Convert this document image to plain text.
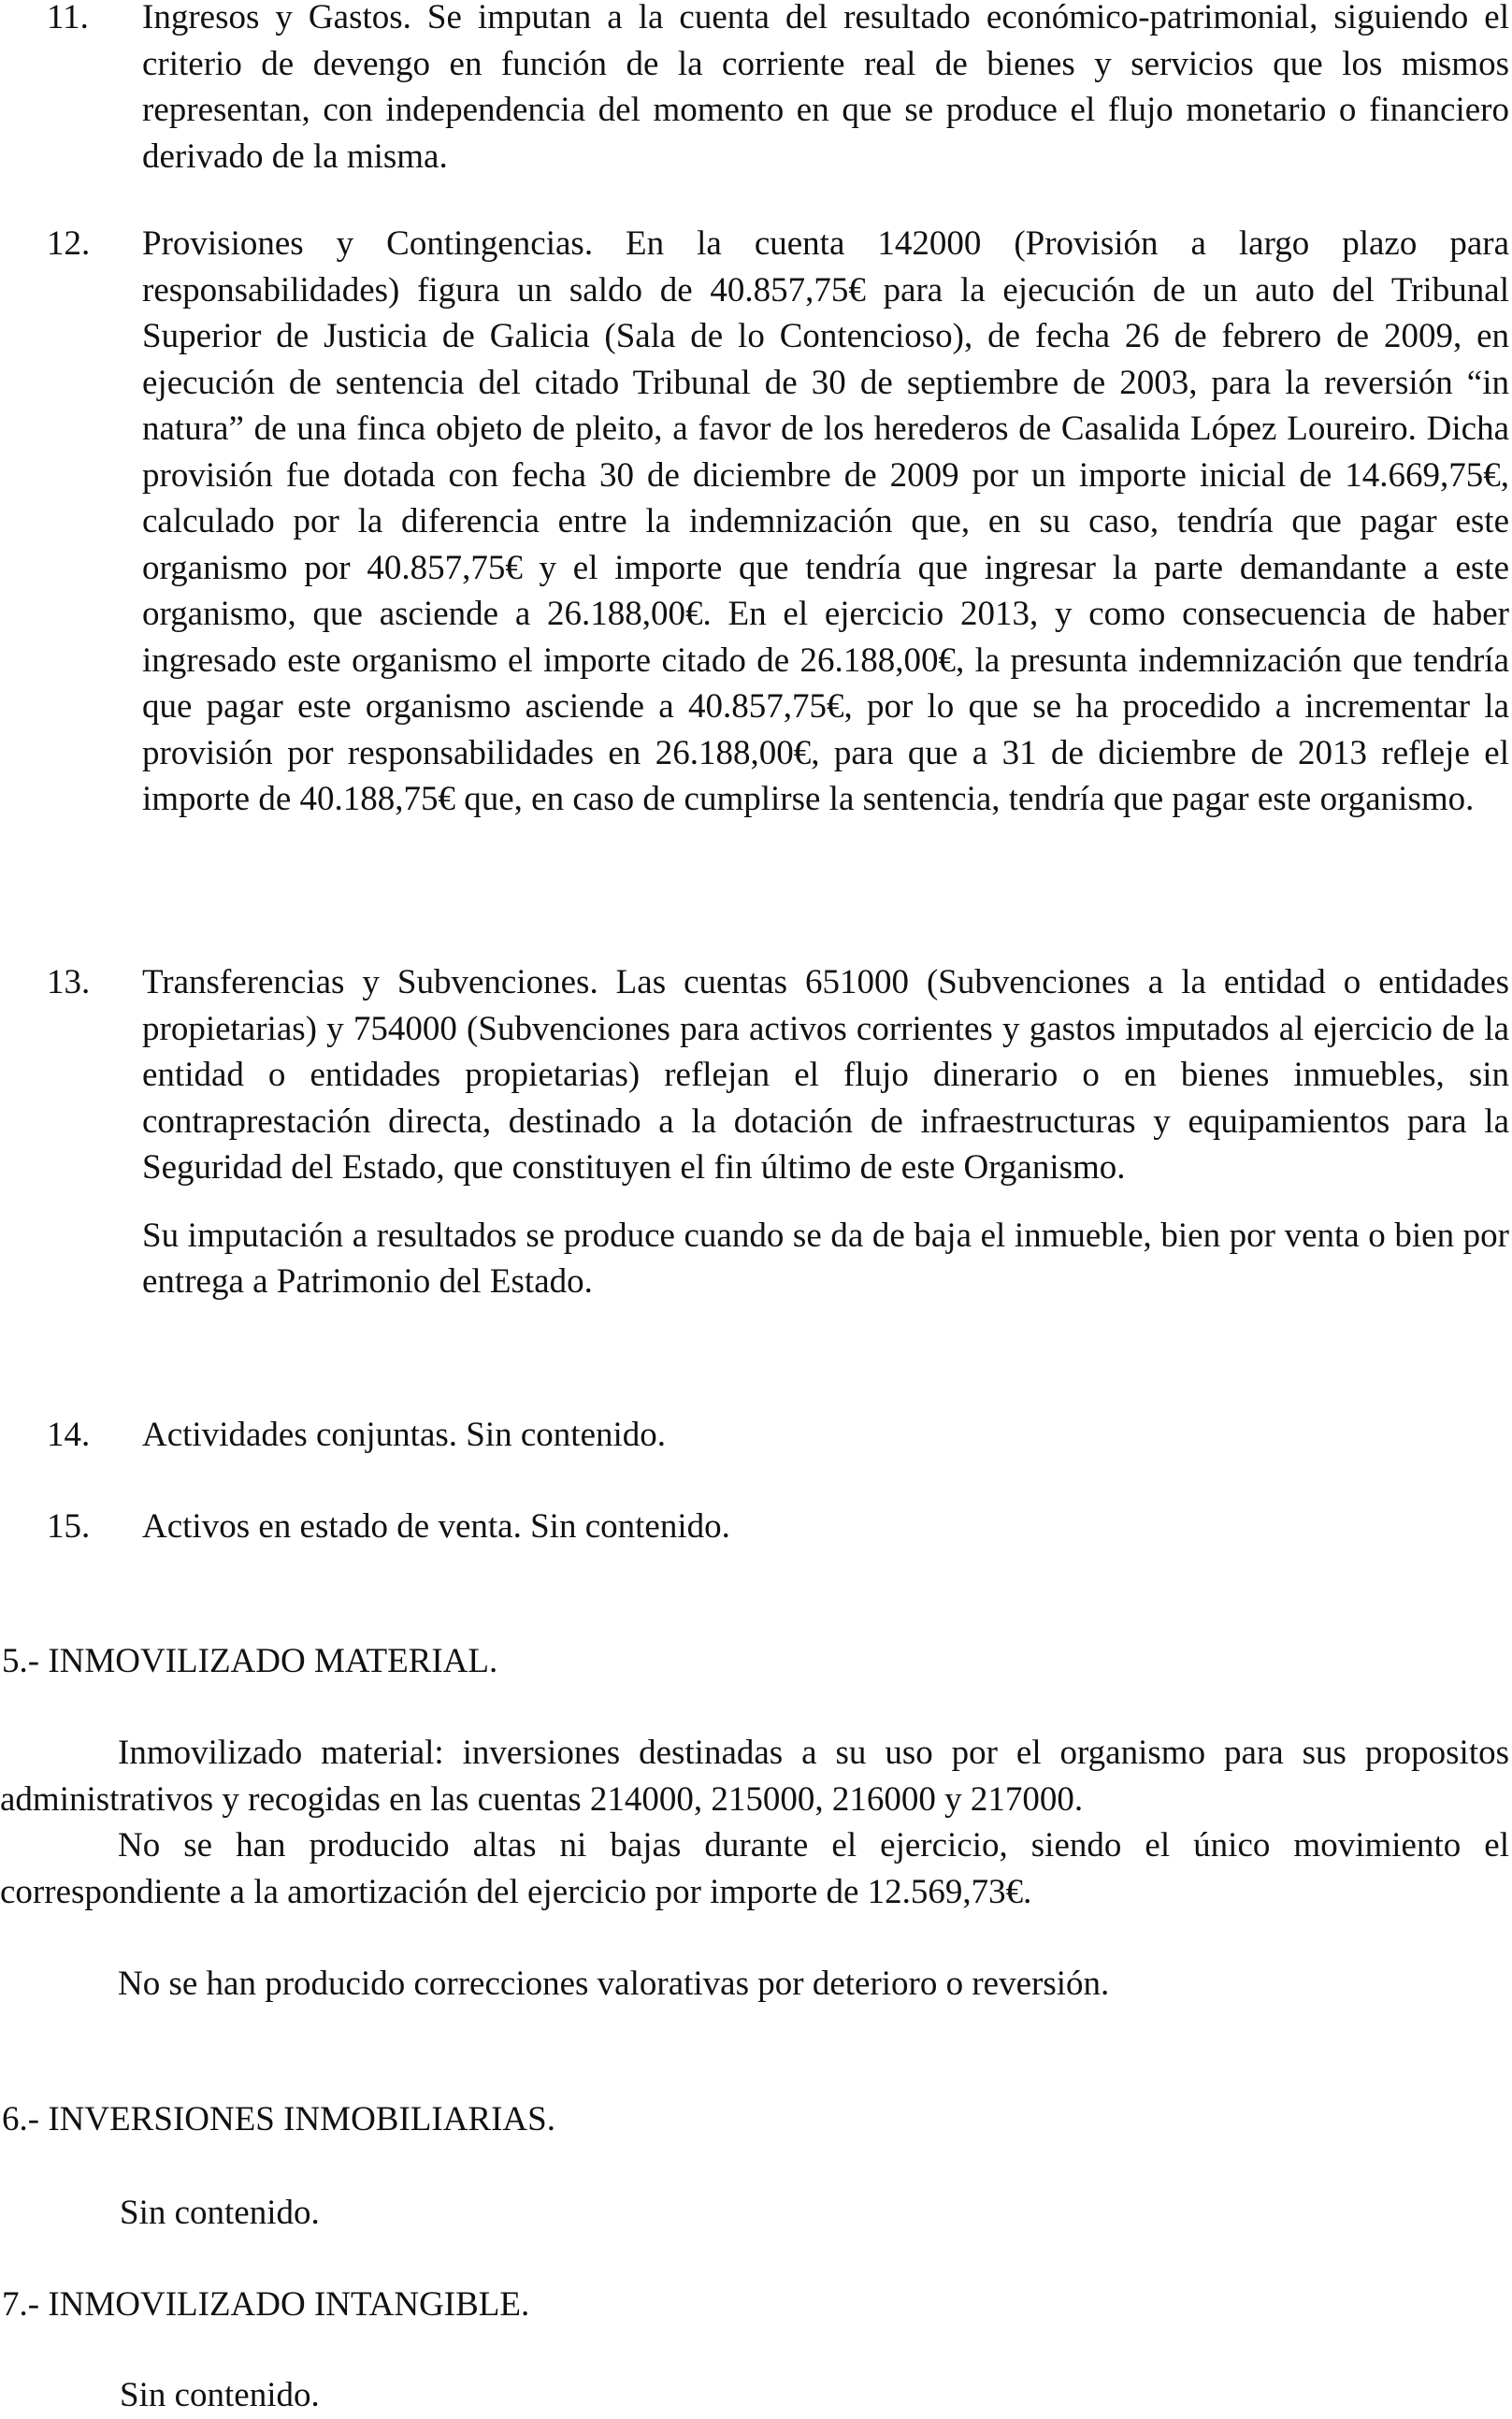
11.	Ingresos y Gastos. Se imputan a la cuenta del resultado económico-patrimonial, siguiendo el criterio de devengo en función de la corriente real de bienes y servicios que los mismos representan, con independencia del momento en que se produce el flujo monetario o financiero derivado de la misma.

12.	Provisiones y Contingencias. En la cuenta 142000 (Provisión a largo plazo para responsabilidades) figura un saldo de 40.857,75€ para la ejecución de un auto del Tribunal Superior de Justicia de Galicia (Sala de lo Contencioso), de fecha 26 de febrero de 2009, en ejecución de sentencia del citado Tribunal de 30 de septiembre de 2003, para la reversión “in natura” de una finca objeto de pleito, a favor de los herederos de Casalida López Loureiro. Dicha provisión fue dotada con fecha 30 de diciembre de 2009 por un importe inicial de 14.669,75€, calculado por la diferencia entre la indemnización que, en su caso, tendría que pagar este organismo por 40.857,75€ y el importe que tendría que ingresar la parte demandante a este organismo, que asciende a 26.188,00€. En el ejercicio 2013, y como consecuencia de haber ingresado este organismo el importe citado de 26.188,00€, la presunta indemnización que tendría que pagar este organismo asciende a 40.857,75€, por lo que se ha procedido a incrementar la provisión por responsabilidades en 26.188,00€, para que a 31 de diciembre de 2013 refleje el importe de 40.188,75€ que, en caso de cumplirse la sentencia, tendría que pagar este organismo.

13.	Transferencias y Subvenciones. Las cuentas 651000 (Subvenciones a la entidad o entidades propietarias) y 754000 (Subvenciones para activos corrientes y gastos imputados al ejercicio de la entidad o entidades propietarias) reflejan el flujo dinerario o en bienes inmuebles, sin contraprestación directa, destinado a la dotación de infraestructuras y equipamientos para la Seguridad del Estado, que constituyen el fin último de este Organismo.

Su imputación a resultados se produce cuando se da de baja el inmueble, bien por venta o bien por entrega a Patrimonio del Estado.

14.	Actividades conjuntas. Sin contenido.

15.	Activos en estado de venta. Sin contenido.

5.- INMOVILIZADO MATERIAL.

Inmovilizado material: inversiones destinadas a su uso por el organismo para sus propositos administrativos y recogidas en las cuentas 214000, 215000, 216000 y 217000.

No se han producido altas ni bajas durante el ejercicio, siendo el único movimiento el correspondiente a la amortización del ejercicio por importe de 12.569,73€.

No se han producido correcciones valorativas por deterioro o reversión.

6.- INVERSIONES INMOBILIARIAS.
Sin contenido.
7.- INMOVILIZADO INTANGIBLE.
Sin contenido.
